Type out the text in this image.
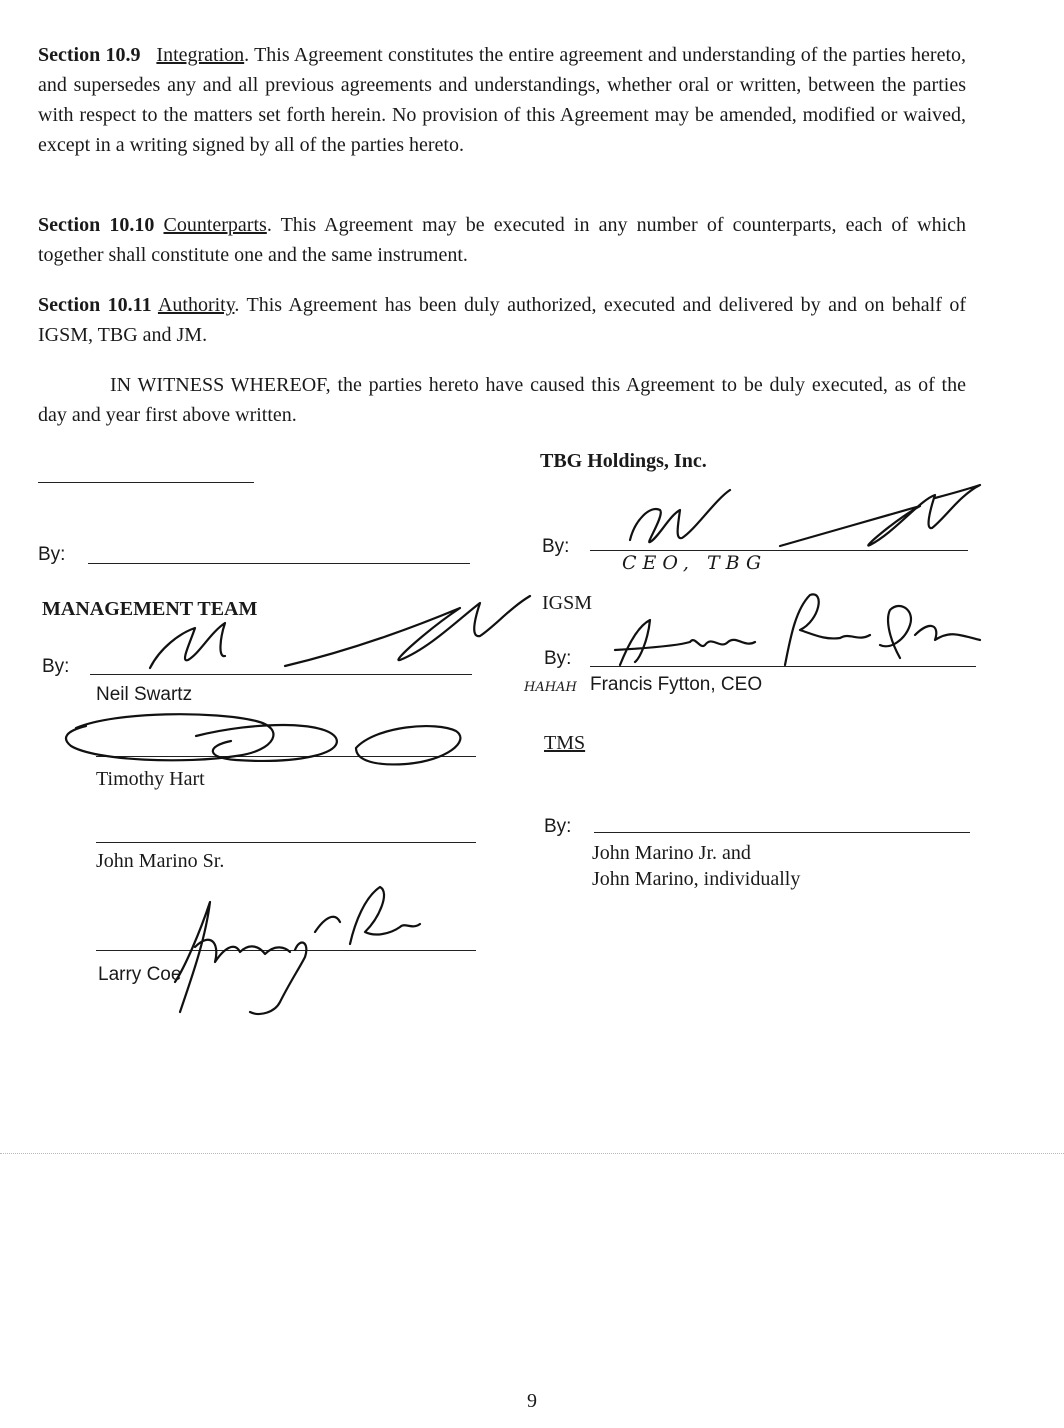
Section 10.9 Integration. This Agreement constitutes the entire agreement and understanding of the parties hereto, and supersedes any and all previous agreements and understandings, whether oral or written, between the parties with respect to the matters set forth herein. No provision of this Agreement may be amended, modified or waived, except in a writing signed by all of the parties hereto.
Section 10.10 Counterparts. This Agreement may be executed in any number of counterparts, each of which together shall constitute one and the same instrument.
Section 10.11 Authority. This Agreement has been duly authorized, executed and delivered by and on behalf of IGSM, TBG and JM.
IN WITNESS WHEREOF, the parties hereto have caused this Agreement to be duly executed, as of the day and year first above written.
By:
MANAGEMENT TEAM
By:
Neil Swartz
Timothy Hart
John Marino Sr.
Larry Coe
TBG Holdings, Inc.
By:
CEO, TBG
IGSM
By:
HAHAH Francis Fytton, CEO
TMS
By:
John Marino Jr. and
John Marino, individually
9
